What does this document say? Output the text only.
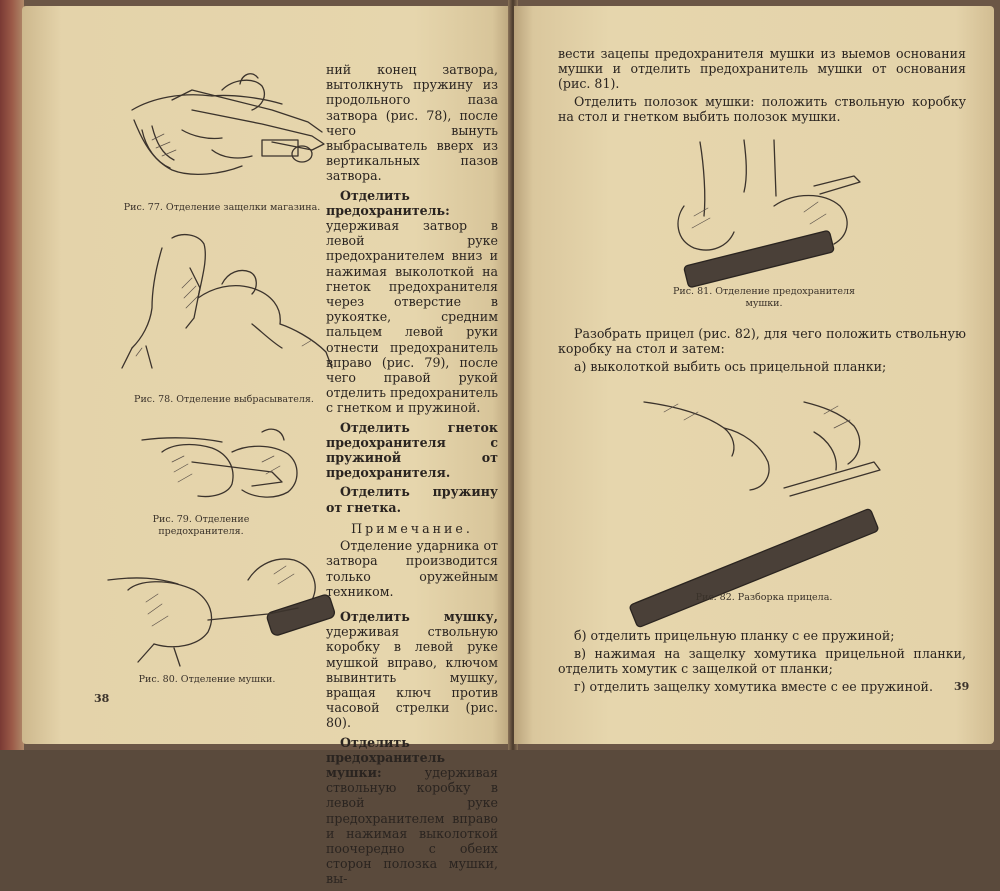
Рис. 77. Отделение защелки магазина.
Рис. 78. Отделение выбрасывателя.
Рис. 79. Отделение предохранителя.
Рис. 80. Отделение мушки.

ний конец затвора, вытолкнуть пружину из продольного паза затвора (рис. 78), после чего вынуть выбрасыватель вверх из вертикальных пазов затвора.

Отделить предохранитель: удерживая затвор в левой руке предохранителем вниз и нажимая выколоткой на гнеток предохранителя через отверстие в рукоятке, средним пальцем левой руки отнести предохранитель вправо (рис. 79), после чего правой рукой отделить предохранитель с гнетком и пружиной.

Отделить гнеток предохранителя с пружиной от предохранителя.

Отделить пружину от гнетка.

Примечание.

Отделение ударника от затвора производится только оружейным техником.

Отделить мушку, удерживая ствольную коробку в левой руке мушкой вправо, ключом вывинтить мушку, вращая ключ против часовой стрелки (рис. 80).

Отделить предохранитель мушки: удерживая ствольную коробку в левой руке предохранителем вправо и нажимая выколоткой поочередно с обеих сторон полозка мушки, вы-

38

вести зацепы предохранителя мушки из выемов основания мушки и отделить предохранитель мушки от основания (рис. 81).

Отделить полозок мушки: положить ствольную коробку на стол и гнетком выбить полозок мушки.

Рис. 81. Отделение предохранителя мушки.

Разобрать прицел (рис. 82), для чего положить ствольную коробку на стол и затем:

а) выколоткой выбить ось прицельной планки;

Рис. 82. Разборка прицела.

б) отделить прицельную планку с ее пружиной;

в) нажимая на защелку хомутика прицельной планки, отделить хомутик с защелкой от планки;

г) отделить защелку хомутика вместе с ее пружиной.	39
